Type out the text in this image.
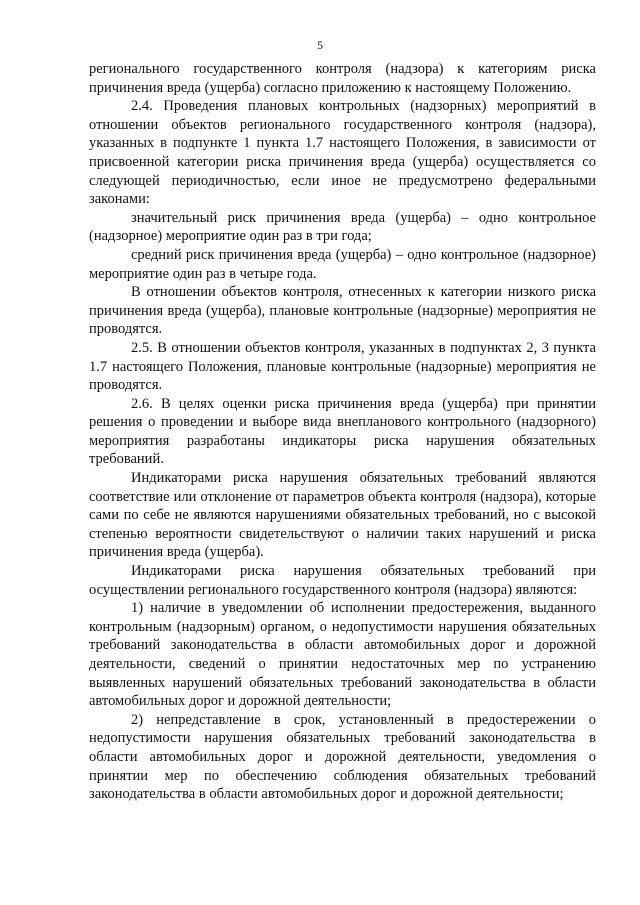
5

регионального государственного контроля (надзора) к категориям риска причинения вреда (ущерба) согласно приложению к настоящему Положению.

2.4. Проведения плановых контрольных (надзорных) мероприятий в отношении объектов регионального государственного контроля (надзора), указанных в подпункте 1 пункта 1.7 настоящего Положения, в зависимости от присвоенной категории риска причинения вреда (ущерба) осуществляется со следующей периодичностью, если иное не предусмотрено федеральными законами:

значительный риск причинения вреда (ущерба) – одно контрольное (надзорное) мероприятие один раз в три года;

средний риск причинения вреда (ущерба) – одно контрольное (надзорное) мероприятие один раз в четыре года.

В отношении объектов контроля, отнесенных к категории низкого риска причинения вреда (ущерба), плановые контрольные (надзорные) мероприятия не проводятся.

2.5. В отношении объектов контроля, указанных в подпунктах 2, 3 пункта 1.7 настоящего Положения, плановые контрольные (надзорные) мероприятия не проводятся.

2.6. В целях оценки риска причинения вреда (ущерба) при принятии решения о проведении и выборе вида внепланового контрольного (надзорного) мероприятия разработаны индикаторы риска нарушения обязательных требований.

Индикаторами риска нарушения обязательных требований являются соответствие или отклонение от параметров объекта контроля (надзора), которые сами по себе не являются нарушениями обязательных требований, но с высокой степенью вероятности свидетельствуют о наличии таких нарушений и риска причинения вреда (ущерба).

Индикаторами риска нарушения обязательных требований при осуществлении регионального государственного контроля (надзора) являются:

1) наличие в уведомлении об исполнении предостережения, выданного контрольным (надзорным) органом, о недопустимости нарушения обязательных требований законодательства в области автомобильных дорог и дорожной деятельности, сведений о принятии недостаточных мер по устранению выявленных нарушений обязательных требований законодательства в области автомобильных дорог и дорожной деятельности;

2) непредставление в срок, установленный в предостережении о недопустимости нарушения обязательных требований законодательства в области автомобильных дорог и дорожной деятельности, уведомления о принятии мер по обеспечению соблюдения обязательных требований законодательства в области автомобильных дорог и дорожной деятельности;
